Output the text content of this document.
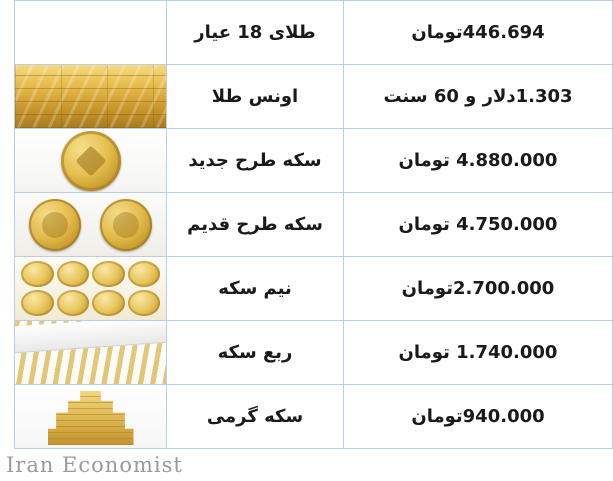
446.694تومان	طلای 18 عیار	

1.303دلار و 60 سنت	اونس طلا	

4.880.000 تومان	سکه طرح جدید	

4.750.000 تومان	سکه طرح قدیم	

2.700.000تومان	نیم سکه	

1.740.000 تومان	ربع سکه	

940.000تومان	سکه گرمی	
Iran Economist
